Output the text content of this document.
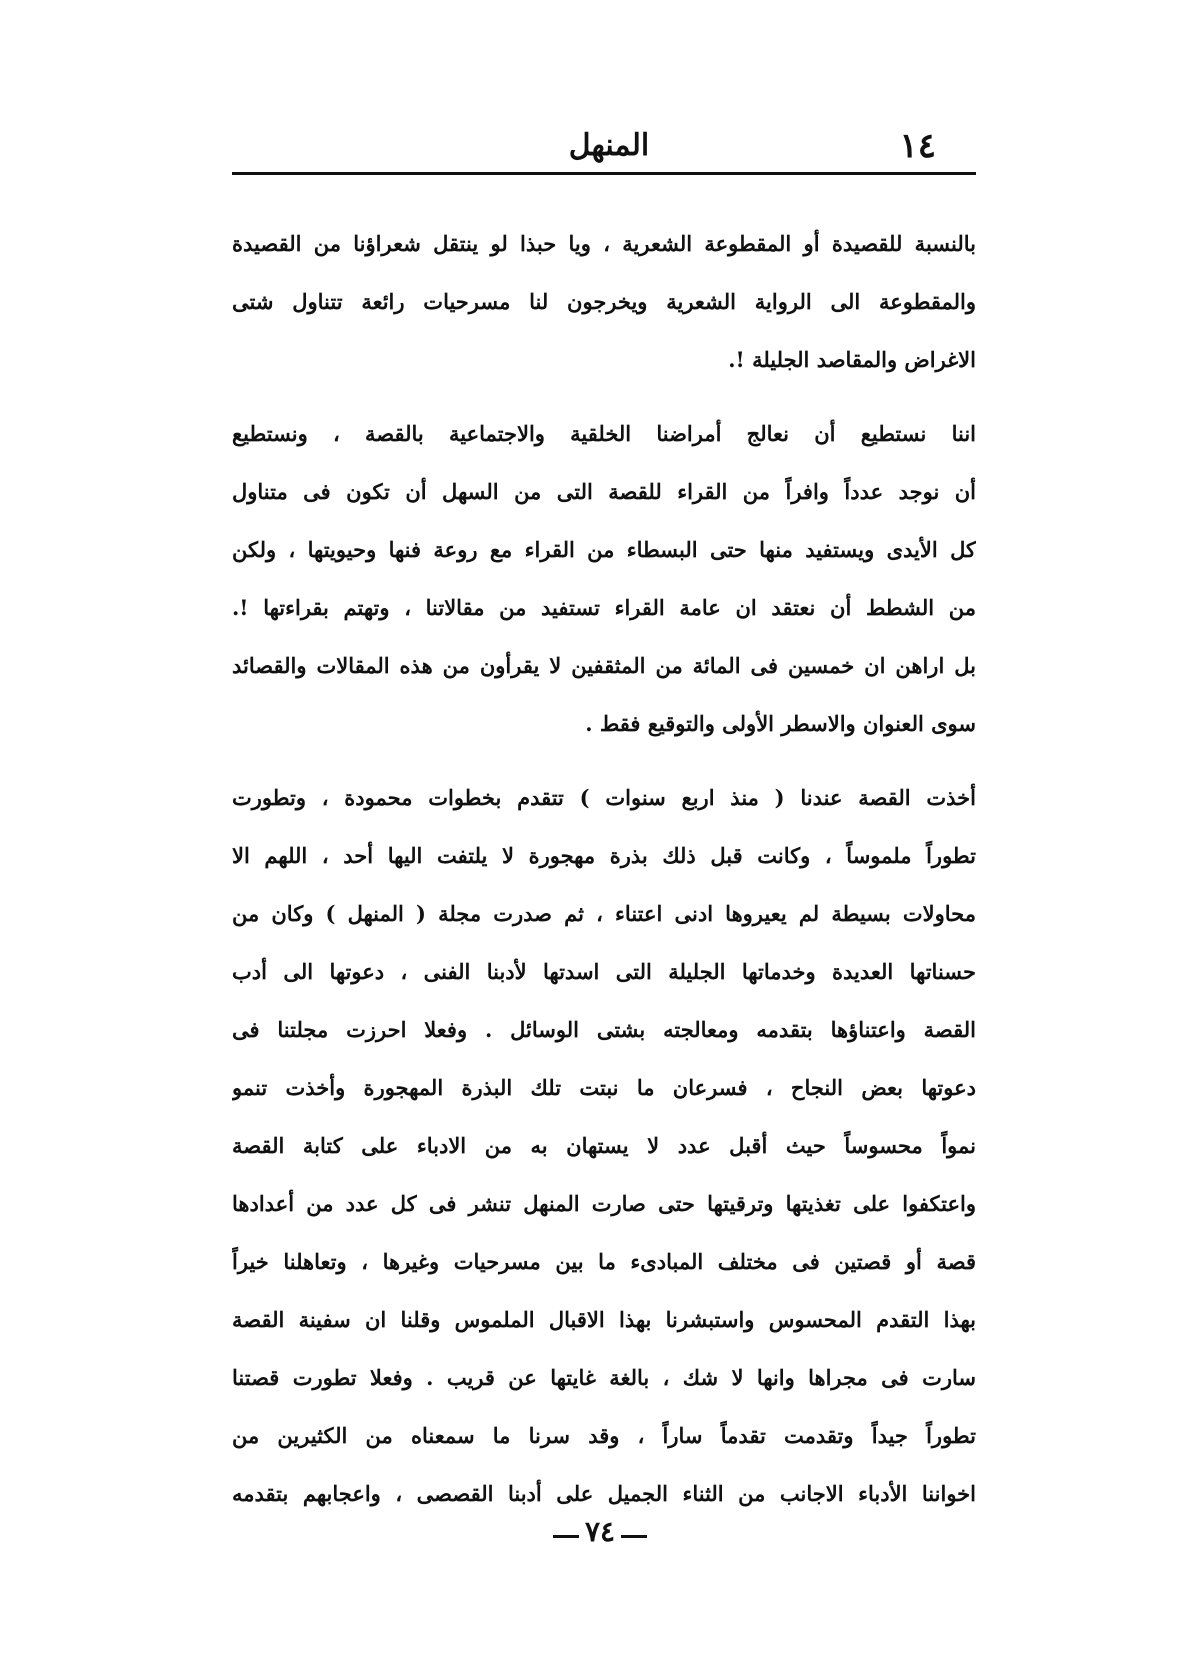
١٤
المنهل
بالنسبة للقصيدة أو المقطوعة الشعرية ، ويا حبذا لو ينتقل شعراؤنا من القصيدة
والمقطوعة الى الرواية الشعرية ويخرجون لنا مسرحيات رائعة تتناول شتى
الاغراض والمقاصد الجليلة !.
اننا نستطيع أن نعالج أمراضنا الخلقية والاجتماعية بالقصة ، ونستطيع
أن نوجد عدداً وافراً من القراء للقصة التى من السهل أن تكون فى متناول
كل الأيدى ويستفيد منها حتى البسطاء من القراء مع روعة فنها وحيويتها ، ولكن
من الشطط أن نعتقد ان عامة القراء تستفيد من مقالاتنا ، وتهتم بقراءتها !.
بل اراهن ان خمسين فى المائة من المثقفين لا يقرأون من هذه المقالات والقصائد
سوى العنوان والاسطر الأولى والتوقيع فقط .
أخذت القصة عندنا ( منذ اربع سنوات ) تتقدم بخطوات محمودة ، وتطورت
تطوراً ملموساً ، وكانت قبل ذلك بذرة مهجورة لا يلتفت اليها أحد ، اللهم الا
محاولات بسيطة لم يعيروها ادنى اعتناء ، ثم صدرت مجلة ( المنهل ) وكان من
حسناتها العديدة وخدماتها الجليلة التى اسدتها لأدبنا الفنى ، دعوتها الى أدب
القصة واعتناؤها بتقدمه ومعالجته بشتى الوسائل . وفعلا احرزت مجلتنا فى
دعوتها بعض النجاح ، فسرعان ما نبتت تلك البذرة المهجورة وأخذت تنمو
نمواً محسوساً حيث أقبل عدد لا يستهان به من الادباء على كتابة القصة
واعتكفوا على تغذيتها وترقيتها حتى صارت المنهل تنشر فى كل عدد من أعدادها
قصة أو قصتين فى مختلف المبادىء ما بين مسرحيات وغيرها ، وتعاهلنا خيراً
بهذا التقدم المحسوس واستبشرنا بهذا الاقبال الملموس وقلنا ان سفينة القصة
سارت فى مجراها وانها لا شك ، بالغة غايتها عن قريب . وفعلا تطورت قصتنا
تطوراً جيداً وتقدمت تقدماً ساراً ، وقد سرنا ما سمعناه من الكثيرين من
اخواننا الأدباء الاجانب من الثناء الجميل على أدبنا القصصى ، واعجابهم بتقدمه
٧٤
